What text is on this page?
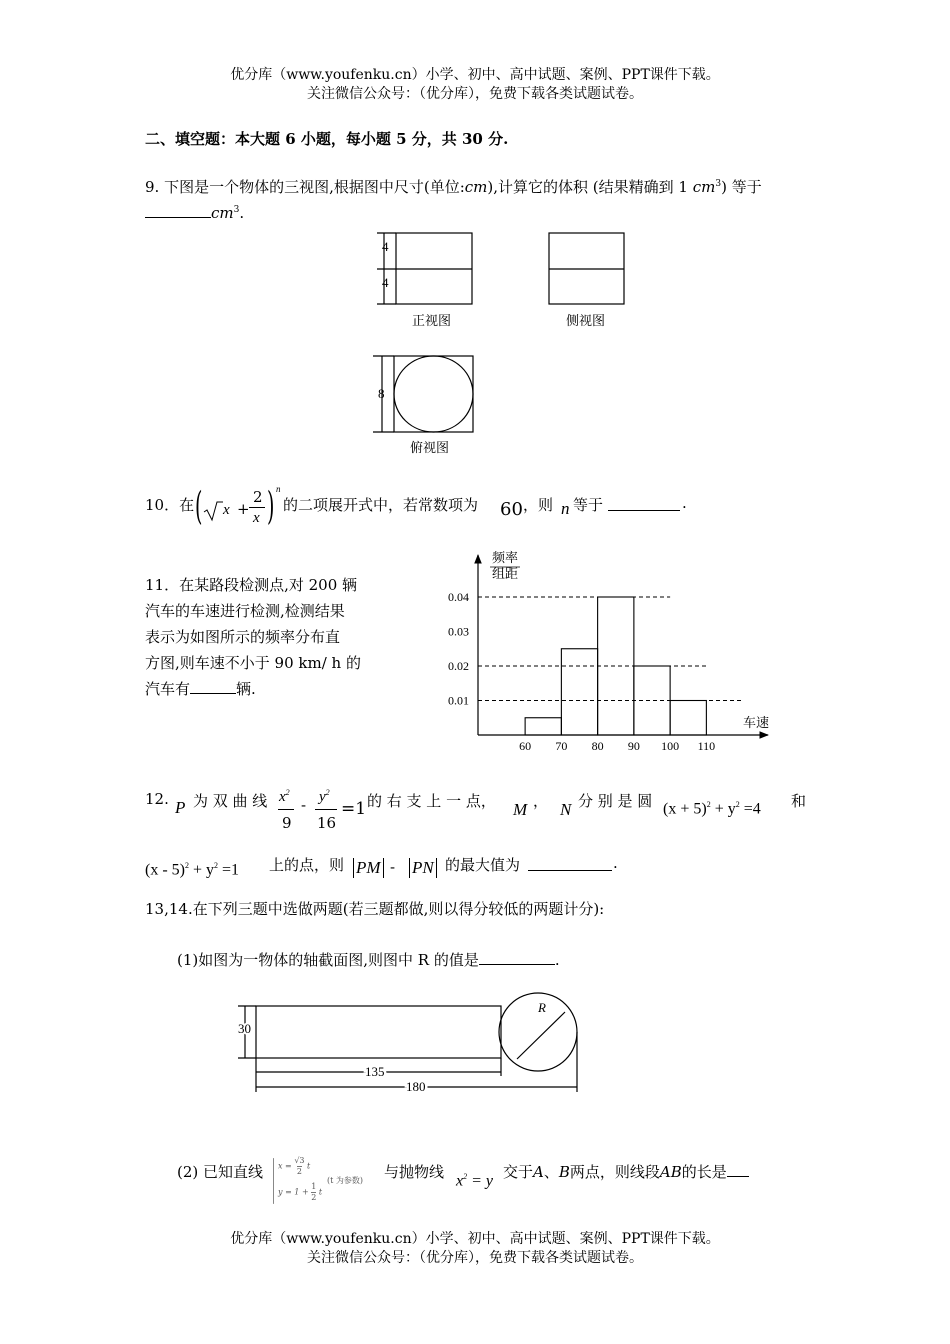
优分库（www.youfenku.cn）小学、初中、高中试题、案例、PPT课件下载。
关注微信公众号：（优分库），免费下载各类试题试卷。
二、填空题：本大题 6 小题，每小题 5 分，共 30 分.
9. 下图是一个物体的三视图,根据图中尺寸(单位:cm),计算它的体积 (结果精确到 1 $cm^3$) 等于
$cm^3$.
4
4
正视图	侧视图
8
俯视图
10．在 ( x +
2
x ) n
的二项展开式中，若常数项为 60 ，则 n 等于	.
11．在某路段检测点,对 200 辆
汽车的车速进行检测,检测结果
表示为如图所示的频率分布直
方图,则车速不小于 90 km/ h 的
汽车有	辆.
频率
组距
车速
60 70 80 90 100 110
0.01
0.02
0.04
0.03
12. P 为 双 曲 线 $x^2$
9
- $y^2$
16
=1 的 右 支 上 一 点， M ， N 分 别 是 圆 $(x + 5)^2 + y^2 =4$ 和
$(x - 5)^2 + y^2 =1$ 上的点，则 PM - PN 的最大值为	.
13,14.在下列三题中选做两题(若三题都做,则以得分较低的两题计分):
(1)如图为一物体的轴截面图,则图中 R 的值是	.
R
30
135
180
(2) 已知直线 $x = \frac{√3}{2}$ t
$y = 1 + \frac{1}{2}$ t
(t 为参数) 与抛物线 $x^2 = y$ 交于A、B两点，则线段AB的长是
优分库（www.youfenku.cn）小学、初中、高中试题、案例、PPT课件下载。
关注微信公众号：（优分库），免费下载各类试题试卷。
